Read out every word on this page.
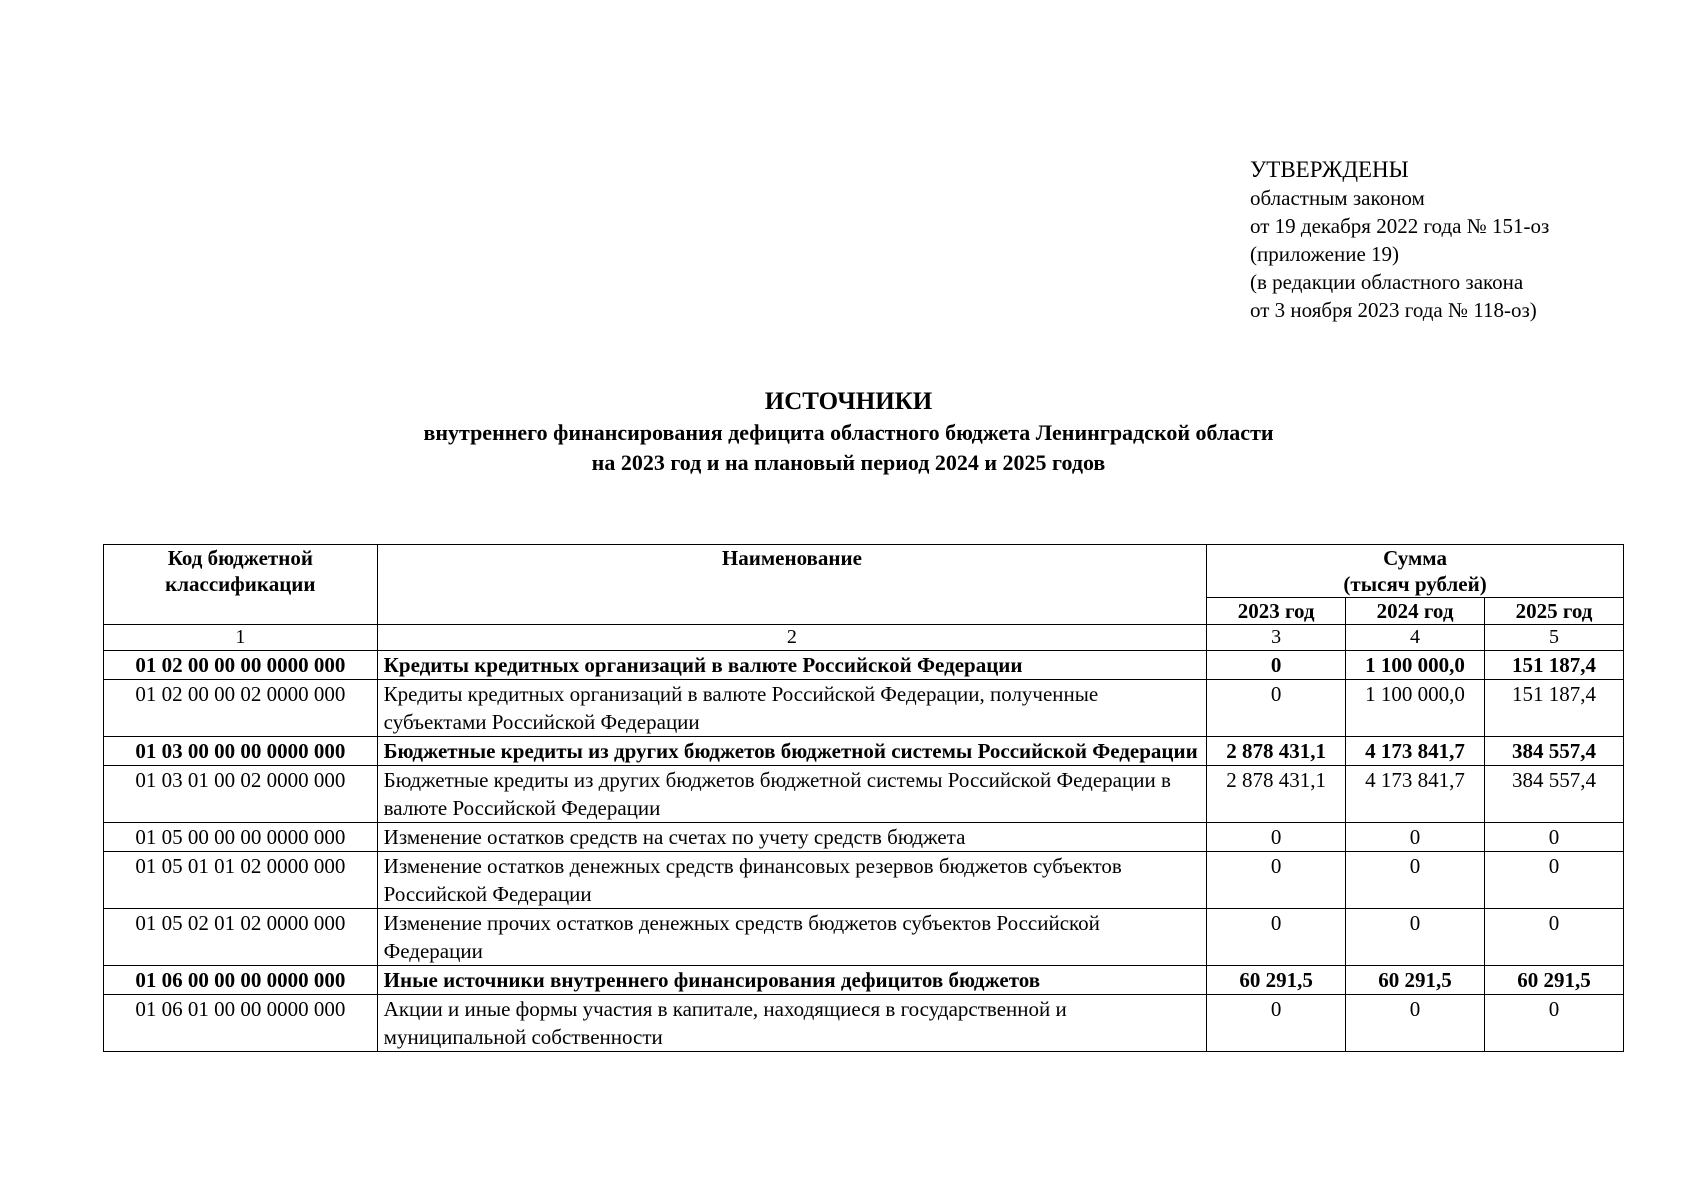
УТВЕРЖДЕНЫ
областным законом
от 19 декабря 2022 года № 151-оз
(приложение 19)
(в редакции областного закона
от 3 ноября 2023 года № 118-оз)
ИСТОЧНИКИ
внутреннего финансирования дефицита областного бюджета Ленинградской области
на 2023 год и на плановый период 2024 и 2025 годов
Код бюджетной классификации	Наименование	Сумма
(тысяч рублей)		

		2023 год	2024 год	2025 год
1	2	3	4	5
01 02 00 00 00 0000 000	Кредиты кредитных организаций в валюте Российской Федерации	0	1 100 000,0	151 187,4
01 02 00 00 02 0000 000	Кредиты кредитных организаций в валюте Российской Федерации, полученные субъектами Российской Федерации	0	1 100 000,0	151 187,4
01 03 00 00 00 0000 000	Бюджетные кредиты из других бюджетов бюджетной системы Российской Федерации	2 878 431,1	4 173 841,7	384 557,4
01 03 01 00 02 0000 000	Бюджетные кредиты из других бюджетов бюджетной системы Российской Федерации в валюте Российской Федерации	2 878 431,1	4 173 841,7	384 557,4
01 05 00 00 00 0000 000	Изменение остатков средств на счетах по учету средств бюджета	0	0	0
01 05 01 01 02 0000 000	Изменение остатков денежных средств финансовых резервов бюджетов субъектов Российской Федерации	0	0	0
01 05 02 01 02 0000 000	Изменение прочих остатков денежных средств бюджетов субъектов Российской Федерации	0	0	0
01 06 00 00 00 0000 000	Иные источники внутреннего финансирования дефицитов бюджетов	60 291,5	60 291,5	60 291,5
01 06 01 00 00 0000 000	Акции и иные формы участия в капитале, находящиеся в государственной и муниципальной собственности	0	0	0
